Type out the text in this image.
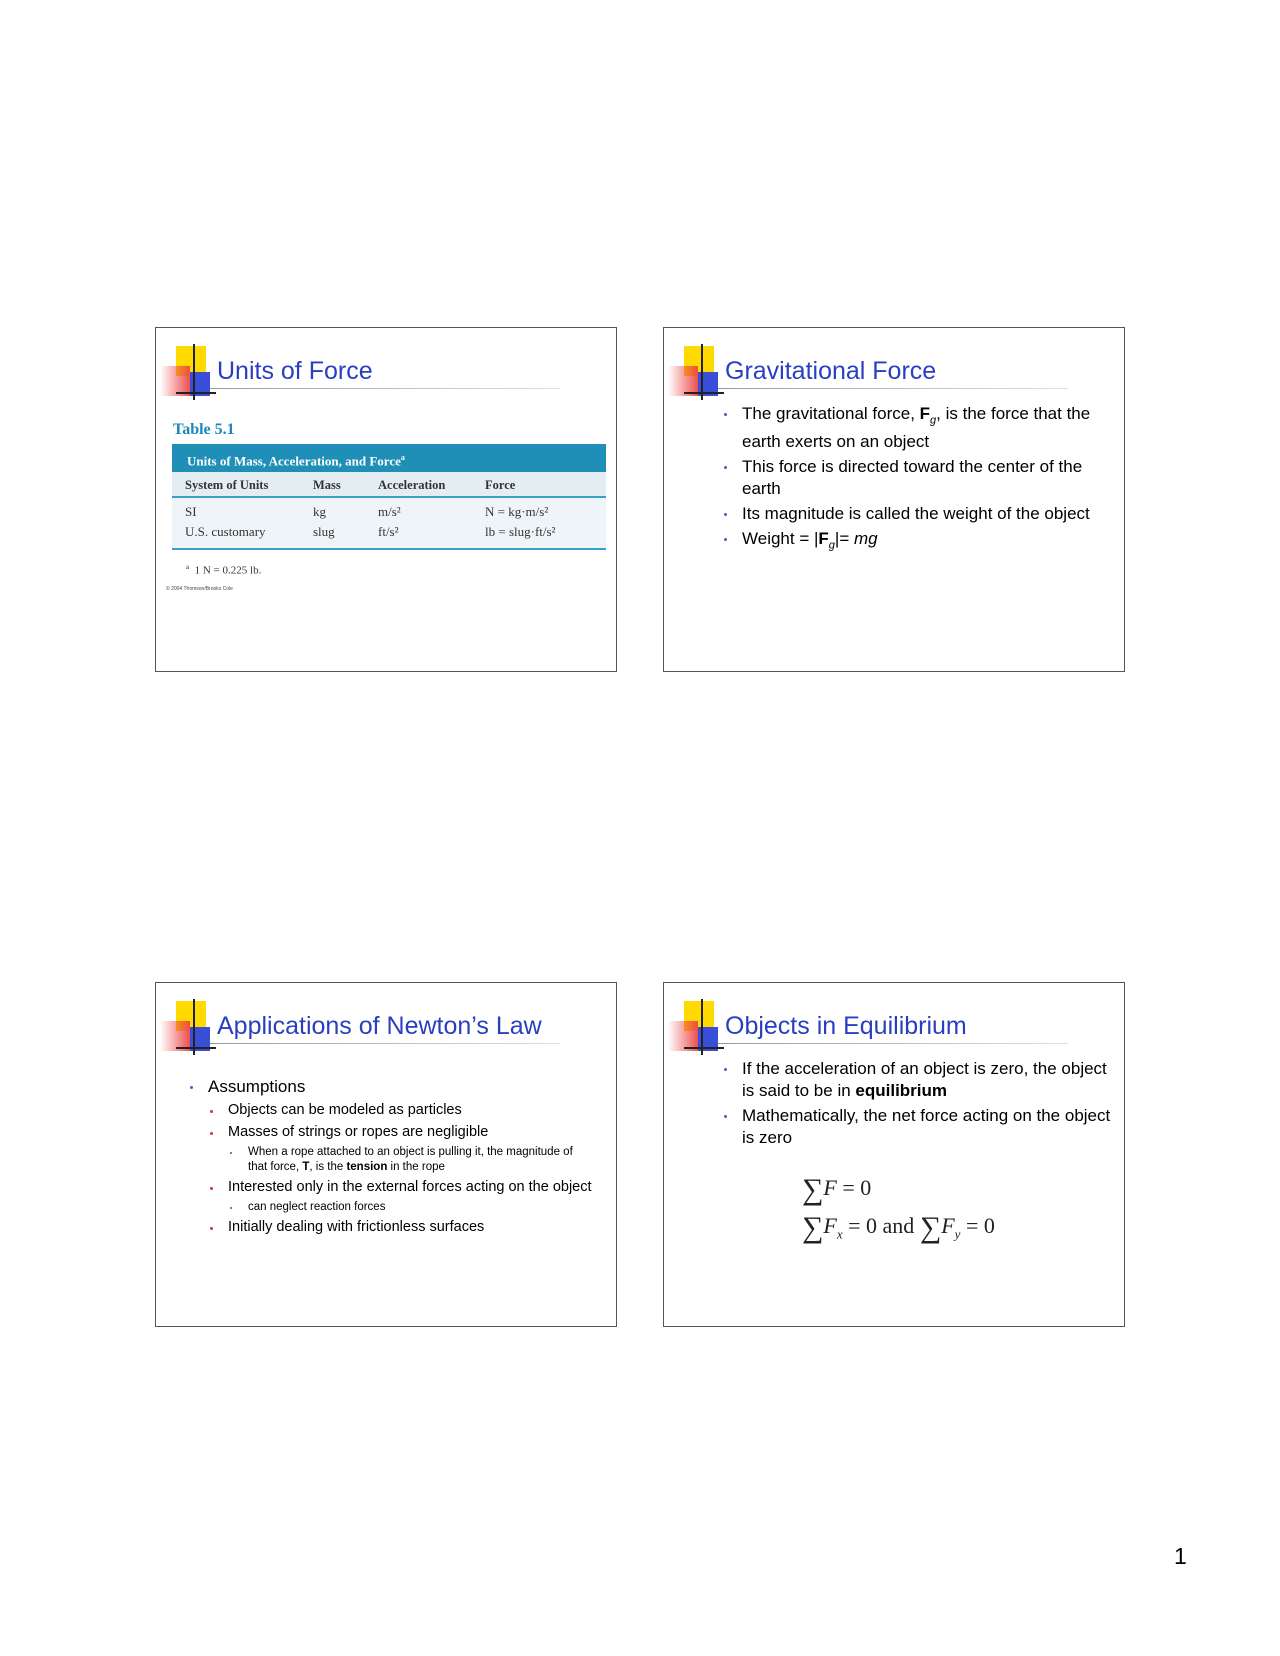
Units of Force
Table 5.1
Units of Mass, Acceleration, and Force$^a$
System of Units	Mass	Acceleration	Force
SI	kg	m/s²	N = kg·m/s²
U.S. customary	slug	ft/s²	lb = slug·ft/s²
$^a$ 1 N = 0.225 lb.
© 2004 Thomson/Brooks Cole
Gravitational Force
The gravitational force, $F_g$, is the force that the earth exerts on an object
This force is directed toward the center of the earth
Its magnitude is called the weight of the object
Weight = $|F_g|=$ mg
Applications of Newton’s Law
Assumptions
Objects can be modeled as particles
Masses of strings or ropes are negligible
When a rope attached to an object is pulling it, the magnitude of that force, T, is the tension in the rope
Interested only in the external forces acting on the object
can neglect reaction forces
Initially dealing with frictionless surfaces
Objects in Equilibrium
If the acceleration of an object is zero, the object is said to be in equilibrium
Mathematically, the net force acting on the object is zero
∑F = 0
$\sum F_x = 0$ and $\sum F_y = 0$
1
